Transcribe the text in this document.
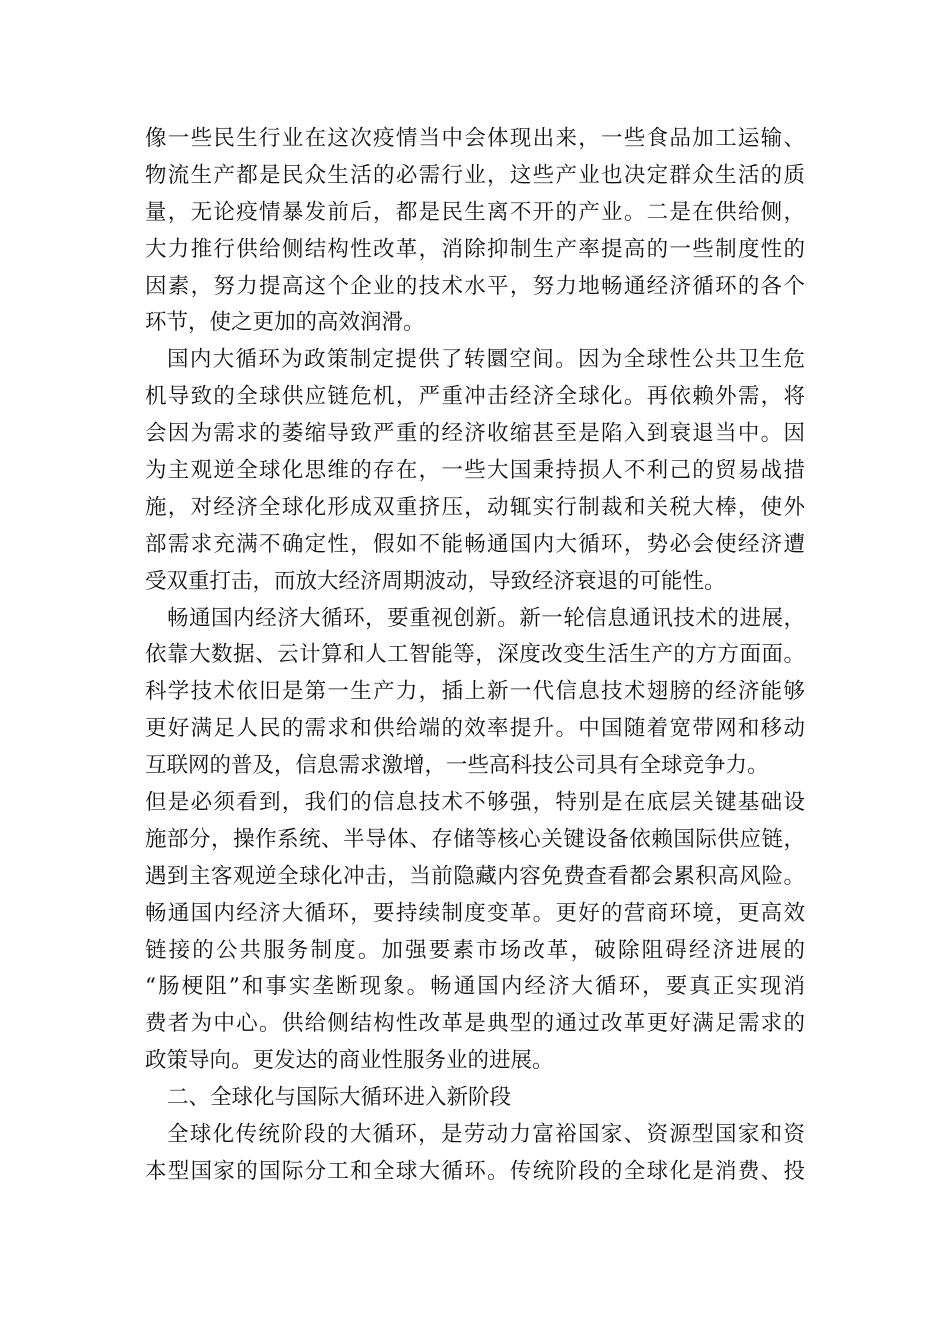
像一些民生行业在这次疫情当中会体现出来，一些食品加工运输、
物流生产都是民众生活的必需行业，这些产业也决定群众生活的质
量，无论疫情暴发前后，都是民生离不开的产业。二是在供给侧，
大力推行供给侧结构性改革，消除抑制生产率提高的一些制度性的
因素，努力提高这个企业的技术水平，努力地畅通经济循环的各个
环节，使之更加的高效润滑。
国内大循环为政策制定提供了转圜空间。因为全球性公共卫生危
机导致的全球供应链危机，严重冲击经济全球化。再依赖外需，将
会因为需求的萎缩导致严重的经济收缩甚至是陷入到衰退当中。因
为主观逆全球化思维的存在，一些大国秉持损人不利己的贸易战措
施，对经济全球化形成双重挤压，动辄实行制裁和关税大棒，使外
部需求充满不确定性，假如不能畅通国内大循环，势必会使经济遭
受双重打击，而放大经济周期波动，导致经济衰退的可能性。
畅通国内经济大循环，要重视创新。新一轮信息通讯技术的进展，
依靠大数据、云计算和人工智能等，深度改变生活生产的方方面面。
科学技术依旧是第一生产力，插上新一代信息技术翅膀的经济能够
更好满足人民的需求和供给端的效率提升。中国随着宽带网和移动
互联网的普及，信息需求激增，一些高科技公司具有全球竞争力。
但是必须看到，我们的信息技术不够强，特别是在底层关键基础设
施部分，操作系统、半导体、存储等核心关键设备依赖国际供应链，
遇到主客观逆全球化冲击，当前隐藏内容免费查看都会累积高风险。
畅通国内经济大循环，要持续制度变革。更好的营商环境，更高效
链接的公共服务制度。加强要素市场改革，破除阻碍经济进展的
“肠梗阻”和事实垄断现象。畅通国内经济大循环，要真正实现消
费者为中心。供给侧结构性改革是典型的通过改革更好满足需求的
政策导向。更发达的商业性服务业的进展。
二、全球化与国际大循环进入新阶段
全球化传统阶段的大循环，是劳动力富裕国家、资源型国家和资
本型国家的国际分工和全球大循环。传统阶段的全球化是消费、投
